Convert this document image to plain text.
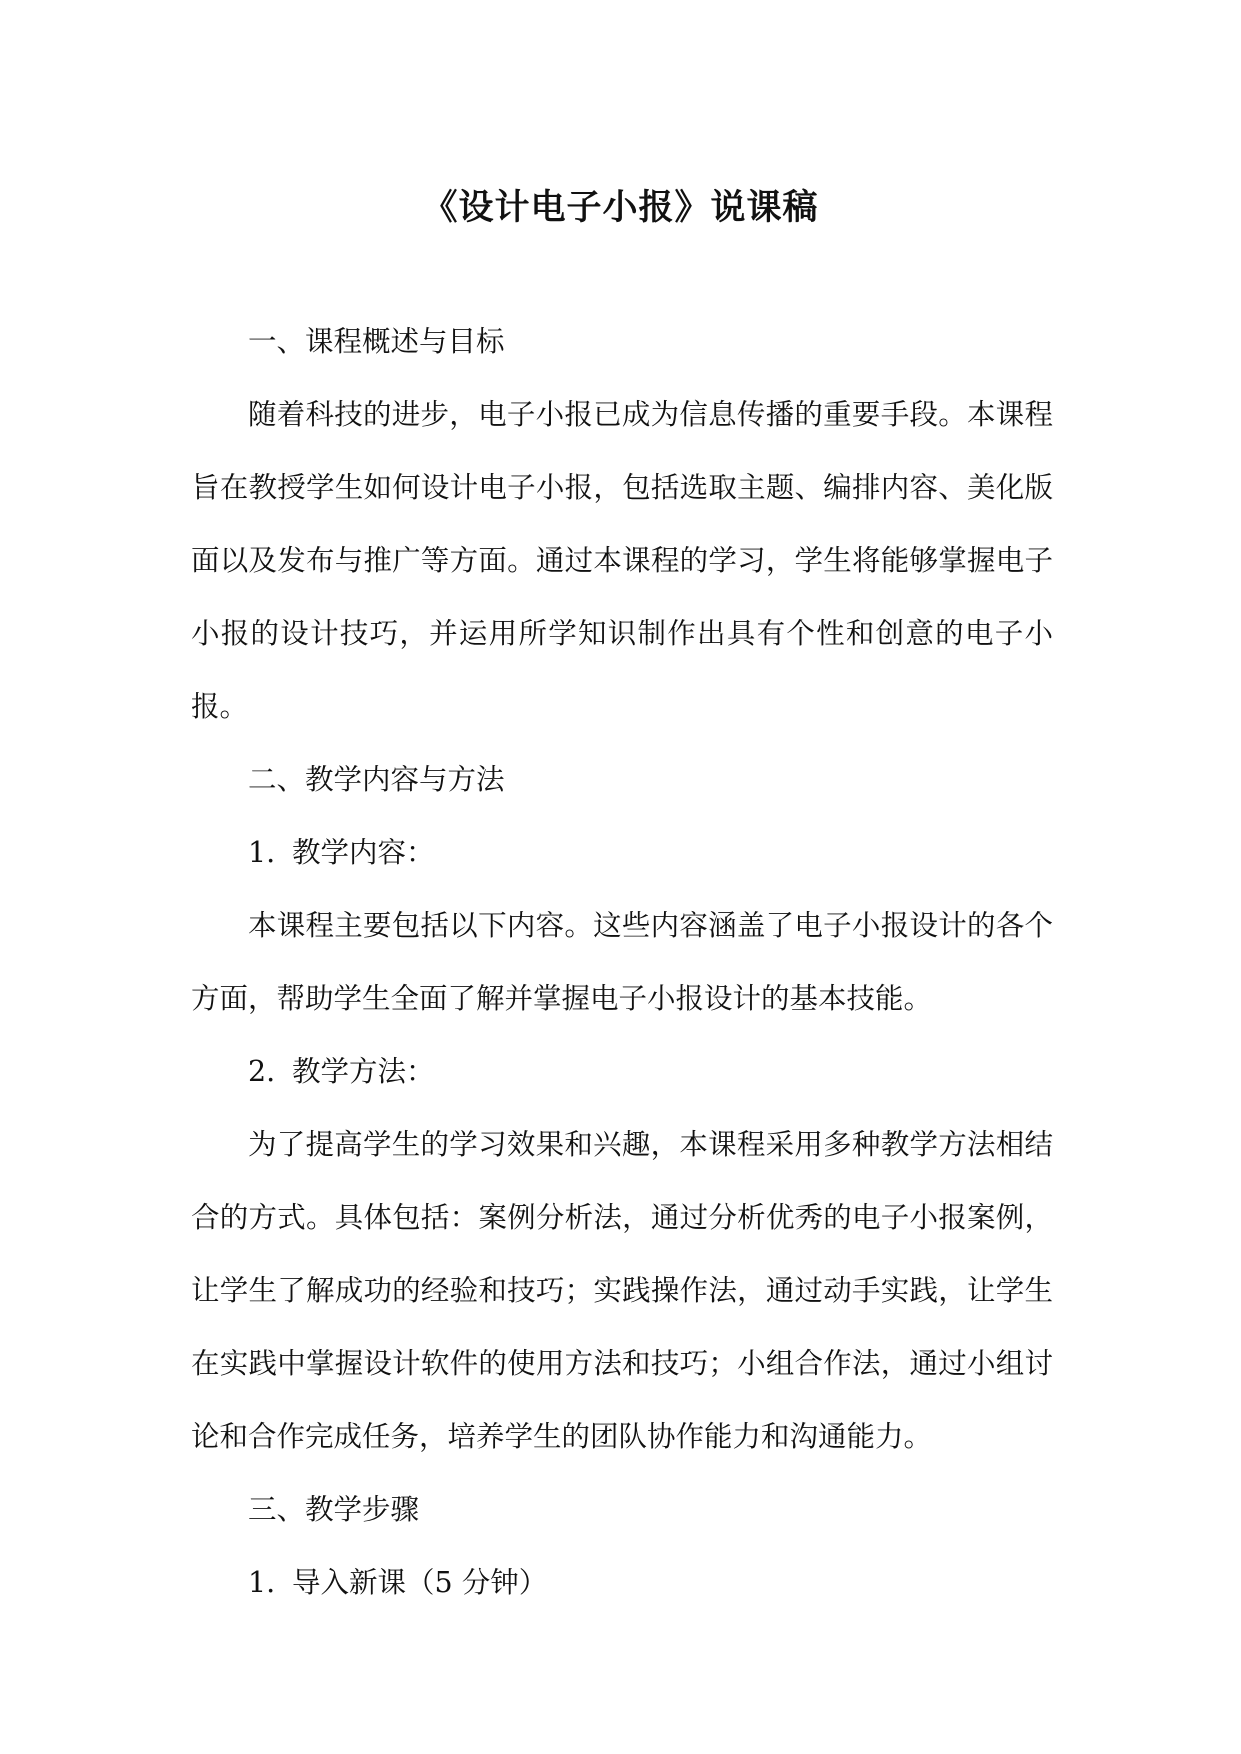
《设计电子小报》说课稿

一、课程概述与目标

随着科技的进步，电子小报已成为信息传播的重要手段。本课程旨在教授学生如何设计电子小报，包括选取主题、编排内容、美化版面以及发布与推广等方面。通过本课程的学习，学生将能够掌握电子小报的设计技巧，并运用所学知识制作出具有个性和创意的电子小报。

二、教学内容与方法

1. 教学内容：

本课程主要包括以下内容。这些内容涵盖了电子小报设计的各个方面，帮助学生全面了解并掌握电子小报设计的基本技能。

2. 教学方法：

为了提高学生的学习效果和兴趣，本课程采用多种教学方法相结合的方式。具体包括：案例分析法，通过分析优秀的电子小报案例，让学生了解成功的经验和技巧；实践操作法，通过动手实践，让学生在实践中掌握设计软件的使用方法和技巧；小组合作法，通过小组讨论和合作完成任务，培养学生的团队协作能力和沟通能力。

三、教学步骤

1. 导入新课（5 分钟）
